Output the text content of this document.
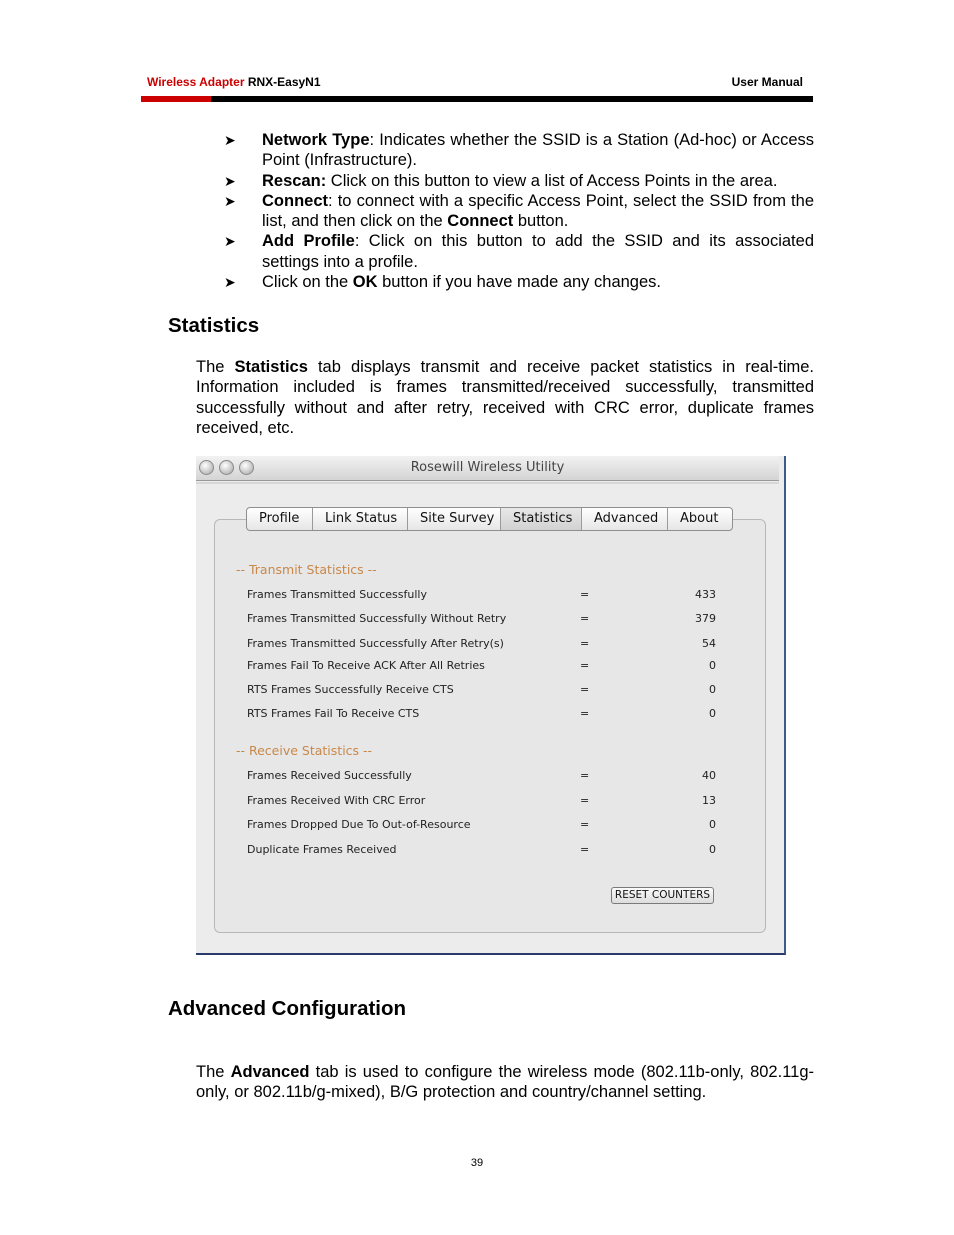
Wireless Adapter RNX-EasyN1	User Manual
➤ Network Type: Indicates whether the SSID is a Station (Ad-hoc) or Access Point (Infrastructure).
➤ Rescan: Click on this button to view a list of Access Points in the area.
➤ Connect: to connect with a specific Access Point, select the SSID from the list, and then click on the Connect button.
➤ Add Profile: Click on this button to add the SSID and its associated settings into a profile.
➤ Click on the OK button if you have made any changes.
Statistics

The Statistics tab displays transmit and receive packet statistics in real-time. Information included is frames transmitted/received successfully, transmitted successfully without and after retry, received with CRC error, duplicate frames received, etc.

Rosewill Wireless Utility
Profile	Link Status	Site Survey	Statistics	Advanced	About
-- Transmit Statistics --
Frames Transmitted Successfully	=	433
Frames Transmitted Successfully Without Retry	=	379
Frames Transmitted Successfully After Retry(s)	=	54
Frames Fail To Receive ACK After All Retries	=	0
RTS Frames Successfully Receive CTS	=	0
RTS Frames Fail To Receive CTS	=	0
-- Receive Statistics --
Frames Received Successfully	=	40
Frames Received With CRC Error	=	13
Frames Dropped Due To Out-of-Resource	=	0
Duplicate Frames Received	=	0
RESET COUNTERS
Advanced Configuration

The Advanced tab is used to configure the wireless mode (802.11b-only, 802.11g-only, or 802.11b/g-mixed), B/G protection and country/channel setting.

39
